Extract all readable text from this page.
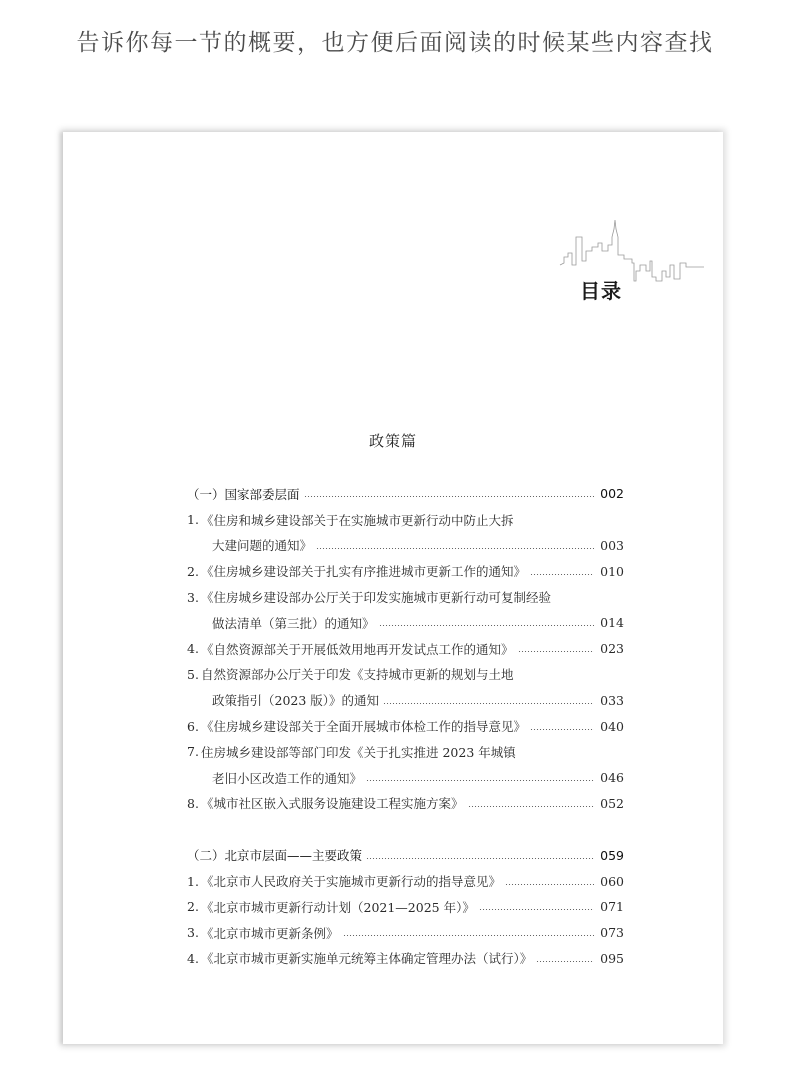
告诉你每一节的概要，也方便后面阅读的时候某些内容查找
目录
政策篇
（一）国家部委层面	002
1. 《住房和城乡建设部关于在实施城市更新行动中防止大拆
大建问题的通知》	003
2. 《住房城乡建设部关于扎实有序推进城市更新工作的通知》	010
3. 《住房城乡建设部办公厅关于印发实施城市更新行动可复制经验
做法清单（第三批）的通知》	014
4. 《自然资源部关于开展低效用地再开发试点工作的通知》	023
5. 自然资源部办公厅关于印发《支持城市更新的规划与土地
政策指引（2023 版）》的通知	033
6. 《住房城乡建设部关于全面开展城市体检工作的指导意见》	040
7. 住房城乡建设部等部门印发《关于扎实推进 2023 年城镇
老旧小区改造工作的通知》	046
8. 《城市社区嵌入式服务设施建设工程实施方案》	052
（二）北京市层面——主要政策	059
1. 《北京市人民政府关于实施城市更新行动的指导意见》	060
2. 《北京市城市更新行动计划（2021—2025 年）》	071
3. 《北京市城市更新条例》	073
4. 《北京市城市更新实施单元统筹主体确定管理办法（试行）》	095
